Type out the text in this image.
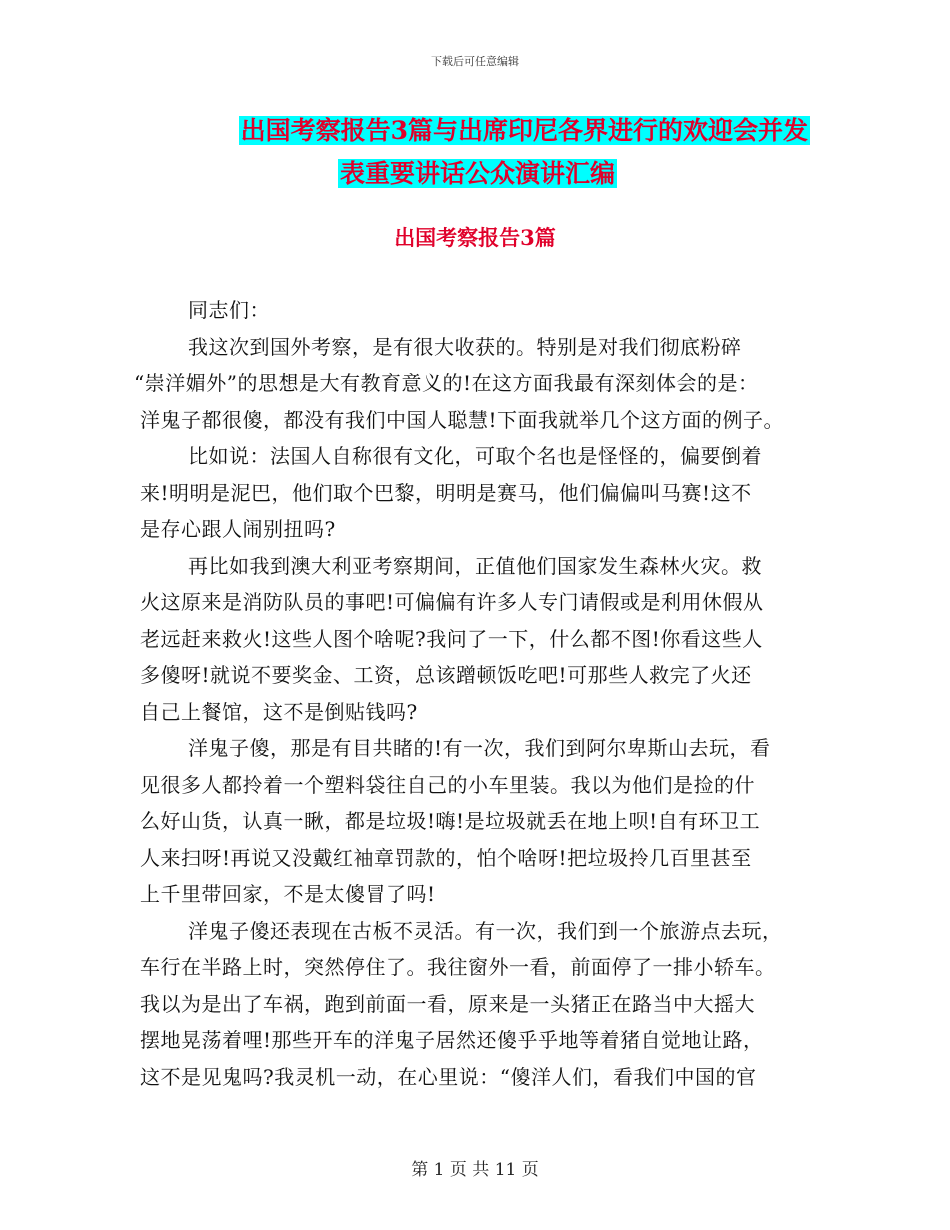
下载后可任意编辑
出国考察报告3篇与出席印尼各界进行的欢迎会并发
表重要讲话公众演讲汇编
出国考察报告3篇

同志们：

我这次到国外考察，是有很大收获的。特别是对我们彻底粉碎

“崇洋媚外”的思想是大有教育意义的!在这方面我最有深刻体会的是：

洋鬼子都很傻，都没有我们中国人聪慧!下面我就举几个这方面的例子。

比如说：法国人自称很有文化，可取个名也是怪怪的，偏要倒着

来!明明是泥巴，他们取个巴黎，明明是赛马，他们偏偏叫马赛!这不

是存心跟人闹别扭吗?

再比如我到澳大利亚考察期间，正值他们国家发生森林火灾。救

火这原来是消防队员的事吧!可偏偏有许多人专门请假或是利用休假从

老远赶来救火!这些人图个啥呢?我问了一下，什么都不图!你看这些人

多傻呀!就说不要奖金、工资，总该蹭顿饭吃吧!可那些人救完了火还

自己上餐馆，这不是倒贴钱吗?

洋鬼子傻，那是有目共睹的!有一次，我们到阿尔卑斯山去玩，看

见很多人都拎着一个塑料袋往自己的小车里装。我以为他们是捡的什

么好山货，认真一瞅，都是垃圾!嗨!是垃圾就丢在地上呗!自有环卫工

人来扫呀!再说又没戴红袖章罚款的，怕个啥呀!把垃圾拎几百里甚至

上千里带回家，不是太傻冒了吗!

洋鬼子傻还表现在古板不灵活。有一次，我们到一个旅游点去玩，

车行在半路上时，突然停住了。我往窗外一看，前面停了一排小轿车。

我以为是出了车祸，跑到前面一看，原来是一头猪正在路当中大摇大

摆地晃荡着哩!那些开车的洋鬼子居然还傻乎乎地等着猪自觉地让路，

这不是见鬼吗?我灵机一动，在心里说：“傻洋人们，看我们中国的官

第 1 页 共 11 页
